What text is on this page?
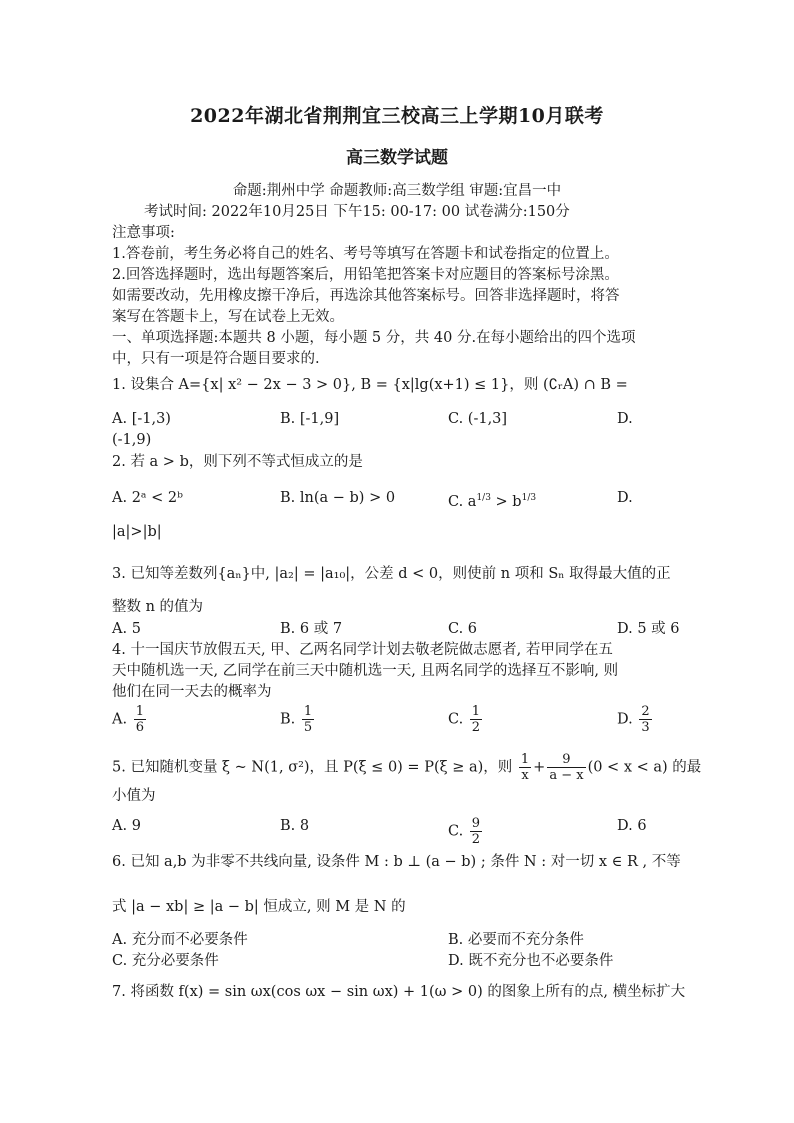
2022年湖北省荆荆宜三校高三上学期10月联考
高三数学试题
命题:荆州中学 命题教师:高三数学组 审题:宜昌一中
考试时间: 2022年10月25日 下午15: 00-17: 00 试卷满分:150分
注意事项:
1.答卷前，考生务必将自己的姓名、考号等填写在答题卡和试卷指定的位置上。
2.回答选择题时，选出每题答案后，用铅笔把答案卡对应题目的答案标号涂黑。
如需要改动，先用橡皮擦干净后，再选涂其他答案标号。回答非选择题时，将答
案写在答题卡上，写在试卷上无效。
一、单项选择题:本题共 8 小题，每小题 5 分，共 40 分.在每小题给出的四个选项
中，只有一项是符合题目要求的.
1. 设集合 A={x| x² − 2x − 3 > 0}, B = {x|lg(x+1) ≤ 1}，则 (∁ᵣA) ∩ B =
A. [-1,3)	B. [-1,9]	C. (-1,3]	D.
(-1,9)
2. 若 a > b，则下列不等式恒成立的是
A. 2ᵃ < 2ᵇ	B. ln(a − b) > 0	C. $a^{1/3} > b^{1/3}$	D.
|a|>|b|
3. 已知等差数列{aₙ}中, |a₂| = |a₁₀|，公差 d < 0，则使前 n 项和 Sₙ 取得最大值的正
整数 n 的值为
A. 5	B. 6 或 7	C. 6	D. 5 或 6
4. 十一国庆节放假五天, 甲、乙两名同学计划去敬老院做志愿者, 若甲同学在五
天中随机选一天, 乙同学在前三天中随机选一天, 且两名同学的选择互不影响, 则
他们在同一天去的概率为
A. $\frac{1}{6}$	B. $\frac{1}{5}$	C. $\frac{1}{2}$	D. $\frac{2}{3}$
5. 已知随机变量 ξ ~ N(1, σ²)，且 P(ξ ≤ 0) = P(ξ ≥ a)，则 $\frac{1}{x} + \frac{9}{a - x} (0 < x < a)$ 的最
小值为
A. 9	B. 8	C. $\frac{9}{2}$	D. 6
6. 已知 a,b 为非零不共线向量, 设条件 M : b ⊥ (a − b) ; 条件 N : 对一切 x ∈ R , 不等
式 |a − xb| ≥ |a − b| 恒成立, 则 M 是 N 的
A. 充分而不必要条件	B. 必要而不充分条件
C. 充分必要条件	D. 既不充分也不必要条件
7. 将函数 f(x) = sin ωx(cos ωx − sin ωx) + 1(ω > 0) 的图象上所有的点, 横坐标扩大
